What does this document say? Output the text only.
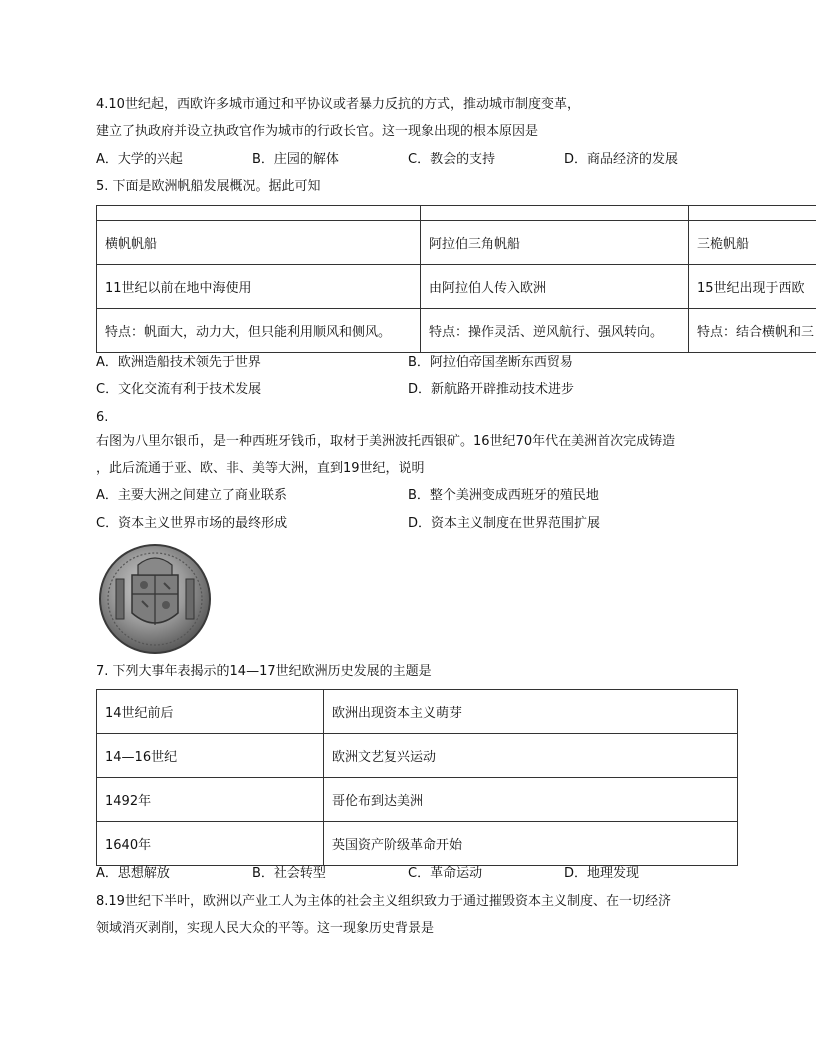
4.10世纪起，西欧许多城市通过和平协议或者暴力反抗的方式，推动城市制度变革，
建立了执政府并设立执政官作为城市的行政长官。这一现象出现的根本原因是
A．大学的兴起	B．庄园的解体	C．教会的支持	D．商品经济的发展
5. 下面是欧洲帆船发展概况。据此可知

横帆帆船	阿拉伯三角帆船	三桅帆船
11世纪以前在地中海使用	由阿拉伯人传入欧洲	15世纪出现于西欧
特点：帆面大，动力大，但只能利用顺风和侧风。	特点：操作灵活、逆风航行、强风转向。	特点：结合横帆和三
A．欧洲造船技术领先于世界	B．阿拉伯帝国垄断东西贸易
C．文化交流有利于技术发展	D．新航路开辟推动技术进步
6.
右图为八里尔银币，是一种西班牙钱币，取材于美洲波托西银矿。16世纪70年代在美洲首次完成铸造
，此后流通于亚、欧、非、美等大洲，直到19世纪，说明
A．主要大洲之间建立了商业联系	B．整个美洲变成西班牙的殖民地
C．资本主义世界市场的最终形成	D．资本主义制度在世界范围扩展
7. 下列大事年表揭示的14—17世纪欧洲历史发展的主题是
14世纪前后	欧洲出现资本主义萌芽
14—16世纪	欧洲文艺复兴运动
1492年	哥伦布到达美洲
1640年	英国资产阶级革命开始
A．思想解放	B．社会转型	C．革命运动	D．地理发现
8.19世纪下半叶，欧洲以产业工人为主体的社会主义组织致力于通过摧毁资本主义制度、在一切经济
领域消灭剥削，实现人民大众的平等。这一现象历史背景是
